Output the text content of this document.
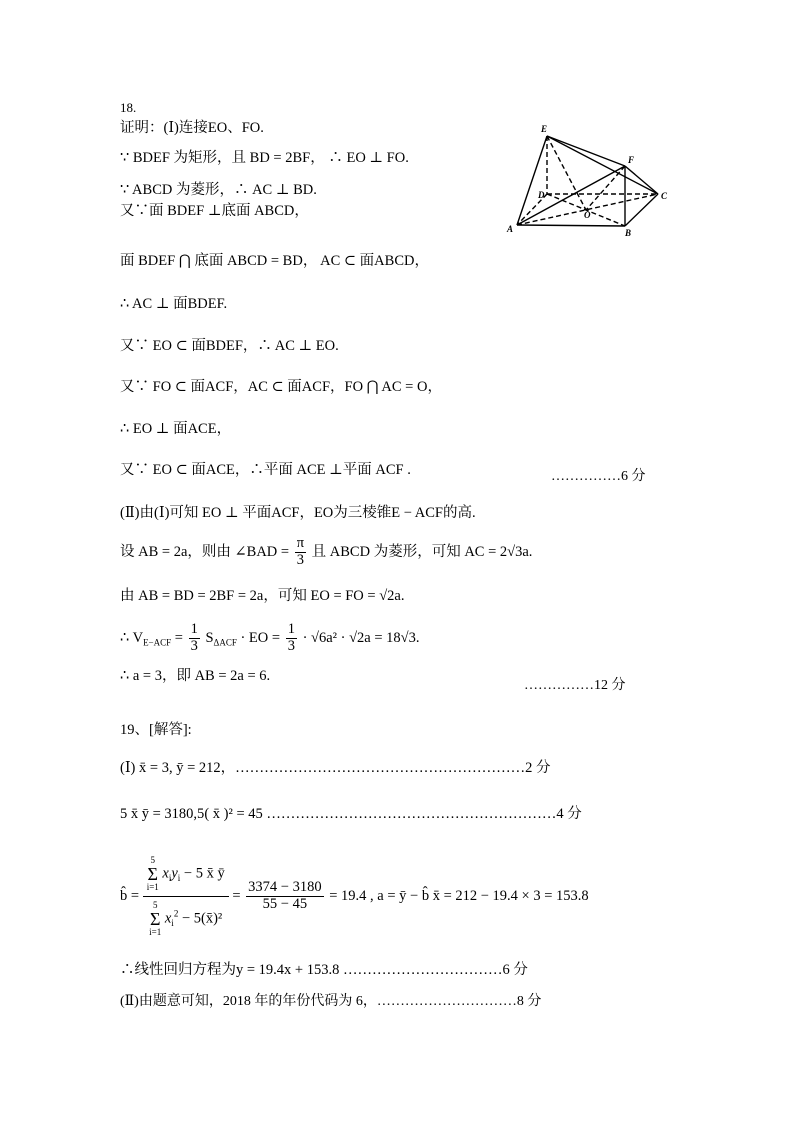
18.
证明：(Ⅰ)连接EO、FO.
∵ BDEF 为矩形，且 BD = 2BF， ∴ EO ⊥ FO.
∵ ABCD 为菱形，∴ AC ⊥ BD.
又∵面 BDEF ⊥底面 ABCD，
面 BDEF ⋂ 底面 ABCD = BD， AC ⊂ 面ABCD，
∴ AC ⊥ 面BDEF.
又∵ EO ⊂ 面BDEF，∴ AC ⊥ EO.
又∵ FO ⊂ 面ACF，AC ⊂ 面ACF，FO ⋂ AC = O，
∴ EO ⊥ 面ACE，
又∵ EO ⊂ 面ACE，∴平面 ACE ⊥平面 ACF .	……………6 分
(Ⅱ)由(Ⅰ)可知 EO ⊥ 平面ACF，EO为三棱锥E − ACF的高.
设 AB = 2a，则由 ∠BAD = $\frac{\pi}{3}$ 且 ABCD 为菱形，可知 AC = 2√3a.
由 AB = BD = 2BF = 2a，可知 EO = FO = √2a.
∴ $V_{E-ACF} = \frac{1}{3} S_{\Delta ACF}$ · EO = $\frac{1}{3} \cdot √6a^2 \cdot √2a = 18√3$.
∴ a = 3，即 AB = 2a = 6.
……………12 分
E
F
D	C
O
A	B
19、[解答]:
(Ⅰ) x̄ = 3, ȳ = 212，……………………………………………………2 分
5 x̄ ȳ = 3180,5( x̄ )² = 45 ……………………………………………………4 分
b̂ =
5
Σ
i=1 $x_iy_i - 5$ x̄ ȳ
5
Σ
i=1 $x_i^2$ − 5(x̄)²
= $\frac{3374 - 3180}{55 - 45} = 19.4$ , a = ȳ − b̂ x̄ = 212 − 19.4 × 3 = 153.8
∴线性回归方程为y = 19.4x + 153.8 ……………………………6 分
(Ⅱ)由题意可知，2018 年的年份代码为 6，…………………………8 分
